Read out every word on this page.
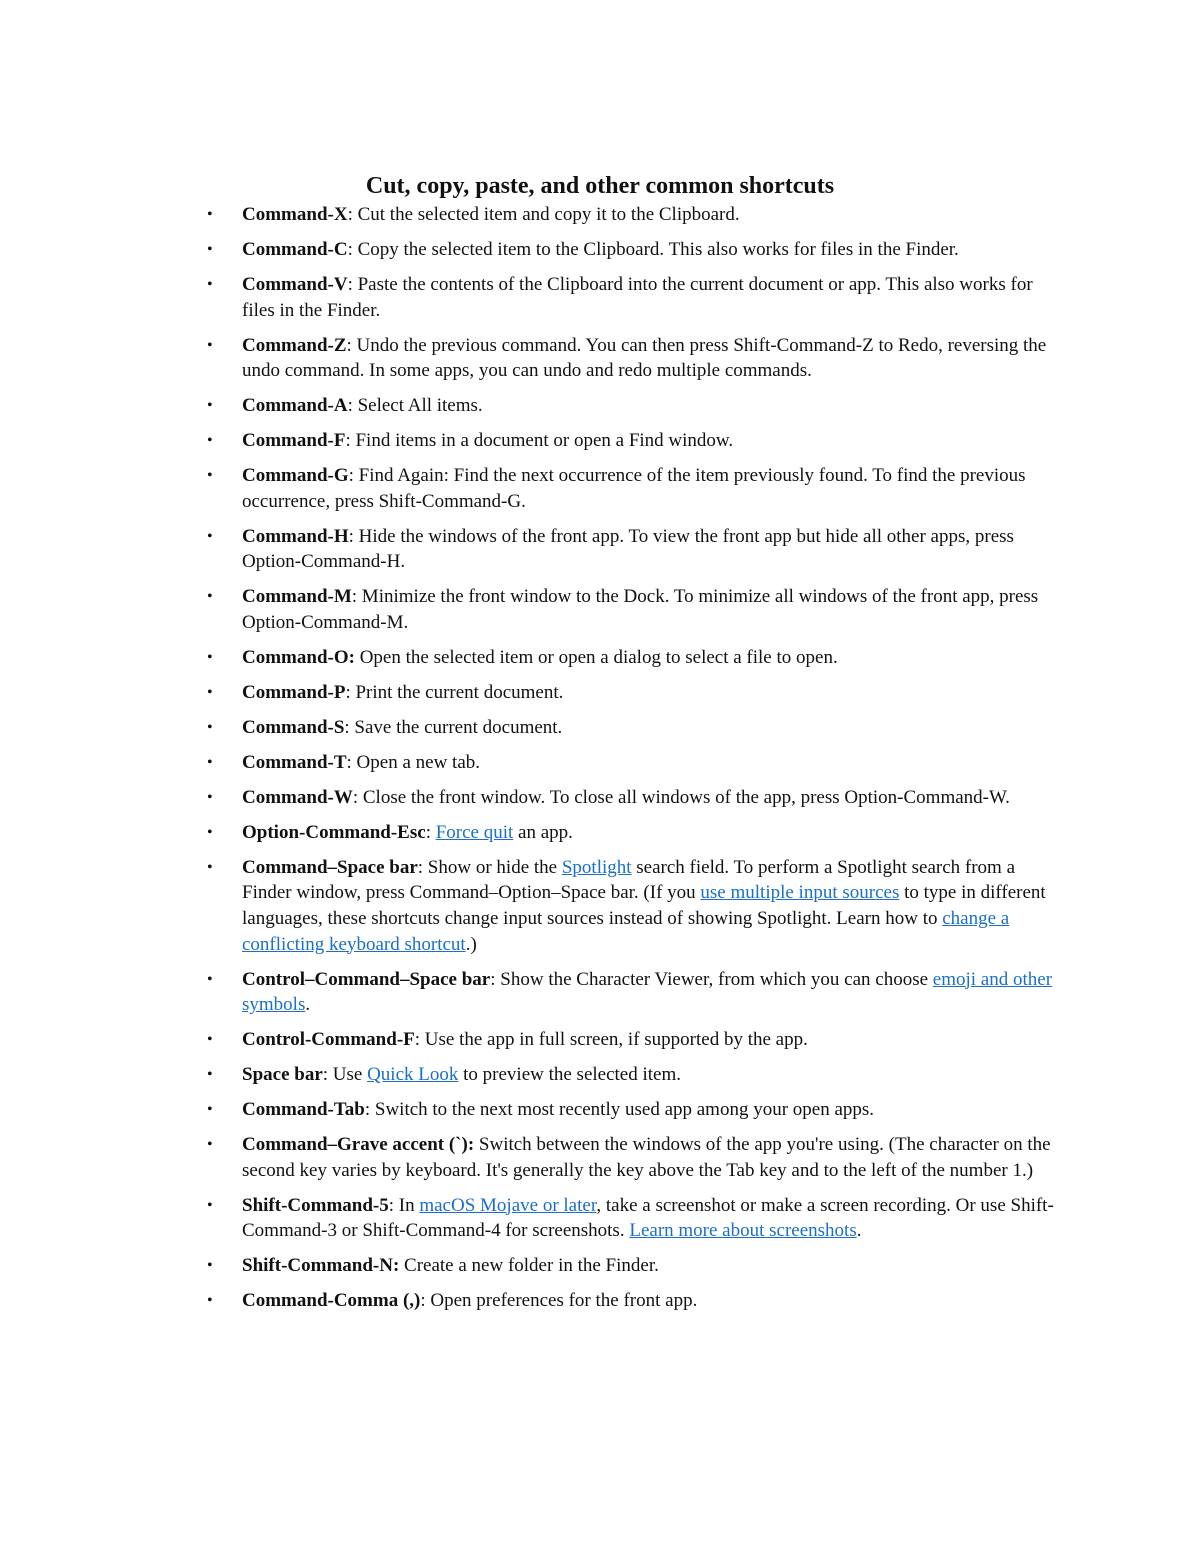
Cut, copy, paste, and other common shortcuts
• Command-X: Cut the selected item and copy it to the Clipboard.
• Command-C: Copy the selected item to the Clipboard. This also works for files in the Finder.
• Command-V: Paste the contents of the Clipboard into the current document or app. This also works for files in the Finder.
• Command-Z: Undo the previous command. You can then press Shift-Command-Z to Redo, reversing the undo command. In some apps, you can undo and redo multiple commands.
• Command-A: Select All items.
• Command-F: Find items in a document or open a Find window.
• Command-G: Find Again: Find the next occurrence of the item previously found. To find the previous occurrence, press Shift-Command-G.
• Command-H: Hide the windows of the front app. To view the front app but hide all other apps, press Option-Command-H.
• Command-M: Minimize the front window to the Dock. To minimize all windows of the front app, press Option-Command-M.
• Command-O: Open the selected item or open a dialog to select a file to open.
• Command-P: Print the current document.
• Command-S: Save the current document.
• Command-T: Open a new tab.
• Command-W: Close the front window. To close all windows of the app, press Option-Command-W.
• Option-Command-Esc: Force quit an app.
• Command–Space bar: Show or hide the Spotlight search field. To perform a Spotlight search from a Finder window, press Command–Option–Space bar. (If you use multiple input sources to type in different languages, these shortcuts change input sources instead of showing Spotlight. Learn how to change a conflicting keyboard shortcut.)
• Control–Command–Space bar: Show the Character Viewer, from which you can choose emoji and other symbols.
• Control-Command-F: Use the app in full screen, if supported by the app.
• Space bar: Use Quick Look to preview the selected item.
• Command-Tab: Switch to the next most recently used app among your open apps.
• Command–Grave accent (`): Switch between the windows of the app you're using. (The character on the second key varies by keyboard. It's generally the key above the Tab key and to the left of the number 1.)
• Shift-Command-5: In macOS Mojave or later, take a screenshot or make a screen recording. Or use Shift-Command-3 or Shift-Command-4 for screenshots. Learn more about screenshots.
• Shift-Command-N: Create a new folder in the Finder.
• Command-Comma (,): Open preferences for the front app.
